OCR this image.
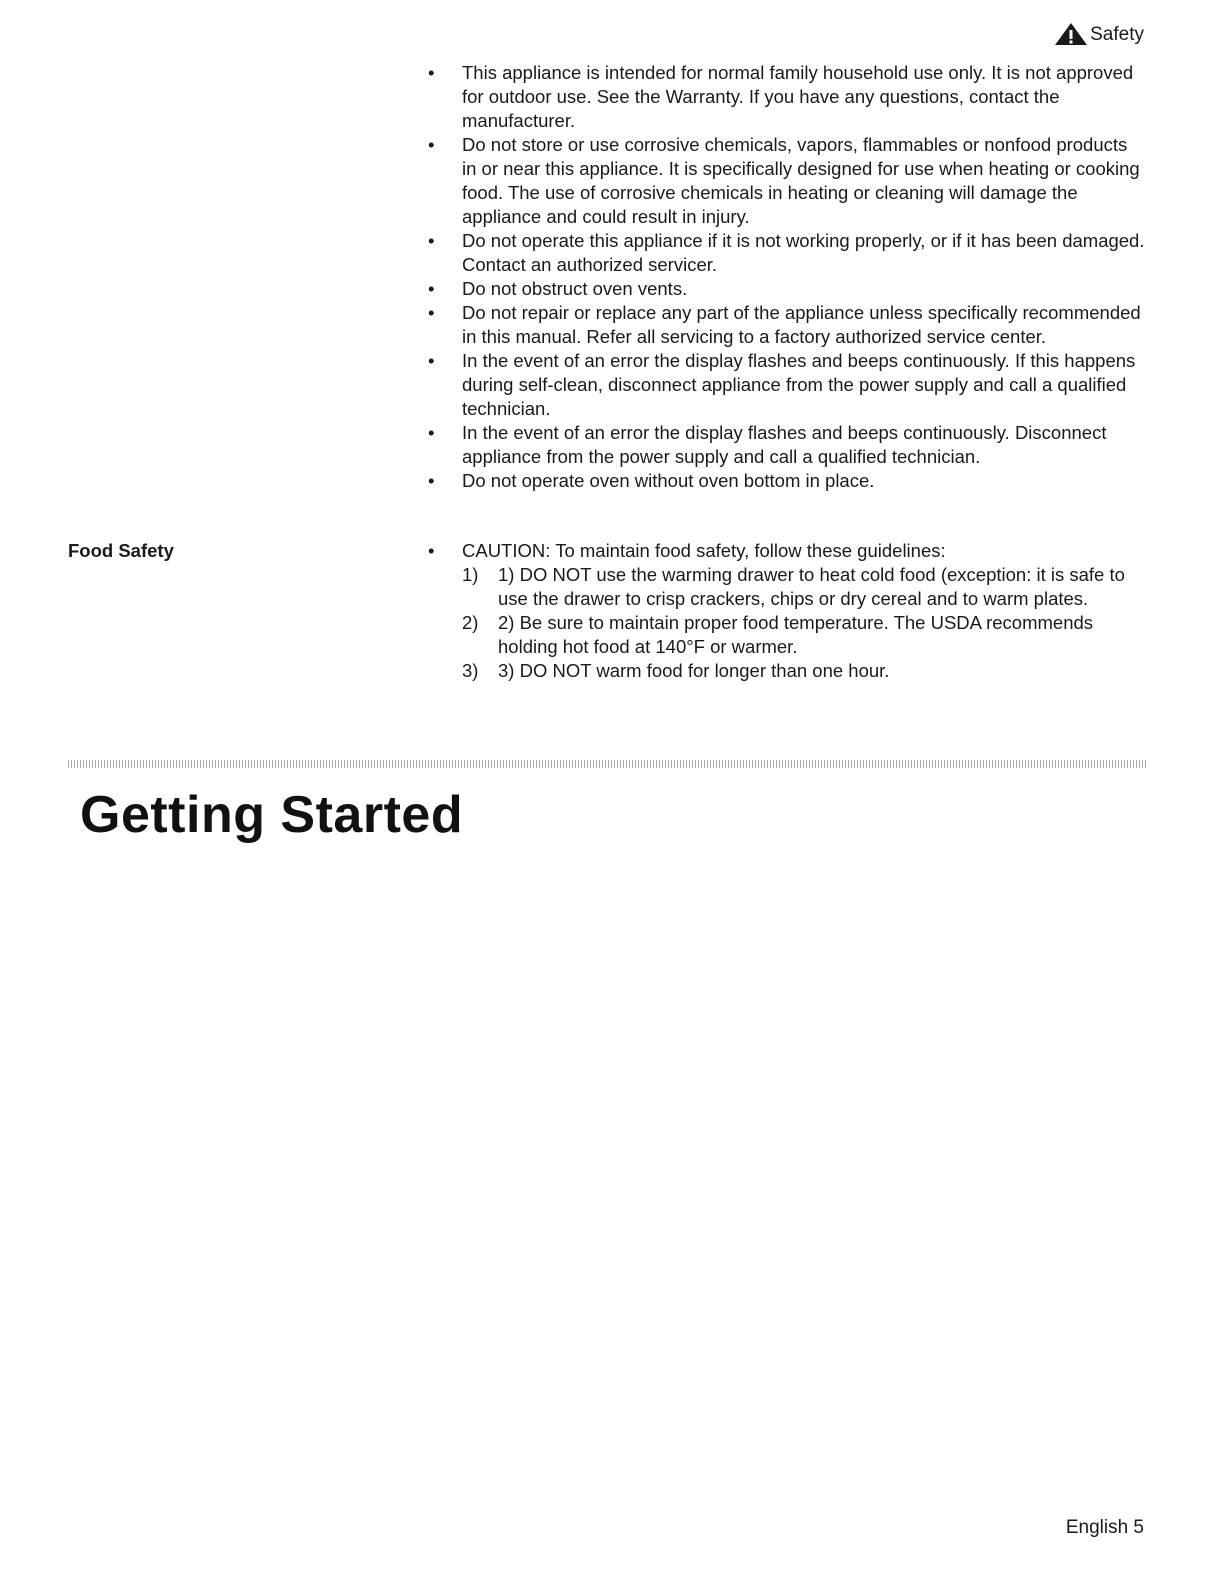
Safety
• This appliance is intended for normal family household use only. It is not approved for outdoor use. See the Warranty. If you have any questions, contact the manufacturer.
• Do not store or use corrosive chemicals, vapors, flammables or nonfood products in or near this appliance. It is specifically designed for use when heating or cooking food. The use of corrosive chemicals in heating or cleaning will damage the appliance and could result in injury.
• Do not operate this appliance if it is not working properly, or if it has been damaged. Contact an authorized servicer.
• Do not obstruct oven vents.
• Do not repair or replace any part of the appliance unless specifically recommended in this manual. Refer all servicing to a factory authorized service center.
• In the event of an error the display flashes and beeps continuously. If this happens during self-clean, disconnect appliance from the power supply and call a qualified technician.
• In the event of an error the display flashes and beeps continuously. Disconnect appliance from the power supply and call a qualified technician.
• Do not operate oven without oven bottom in place.
Food Safety	• CAUTION: To maintain food safety, follow these guidelines:
1) 1) DO NOT use the warming drawer to heat cold food (exception: it is safe to use the drawer to crisp crackers, chips or dry cereal and to warm plates.
2) 2) Be sure to maintain proper food temperature. The USDA recommends holding hot food at 140°F or warmer.
3) 3) DO NOT warm food for longer than one hour.
Getting Started
English 5
